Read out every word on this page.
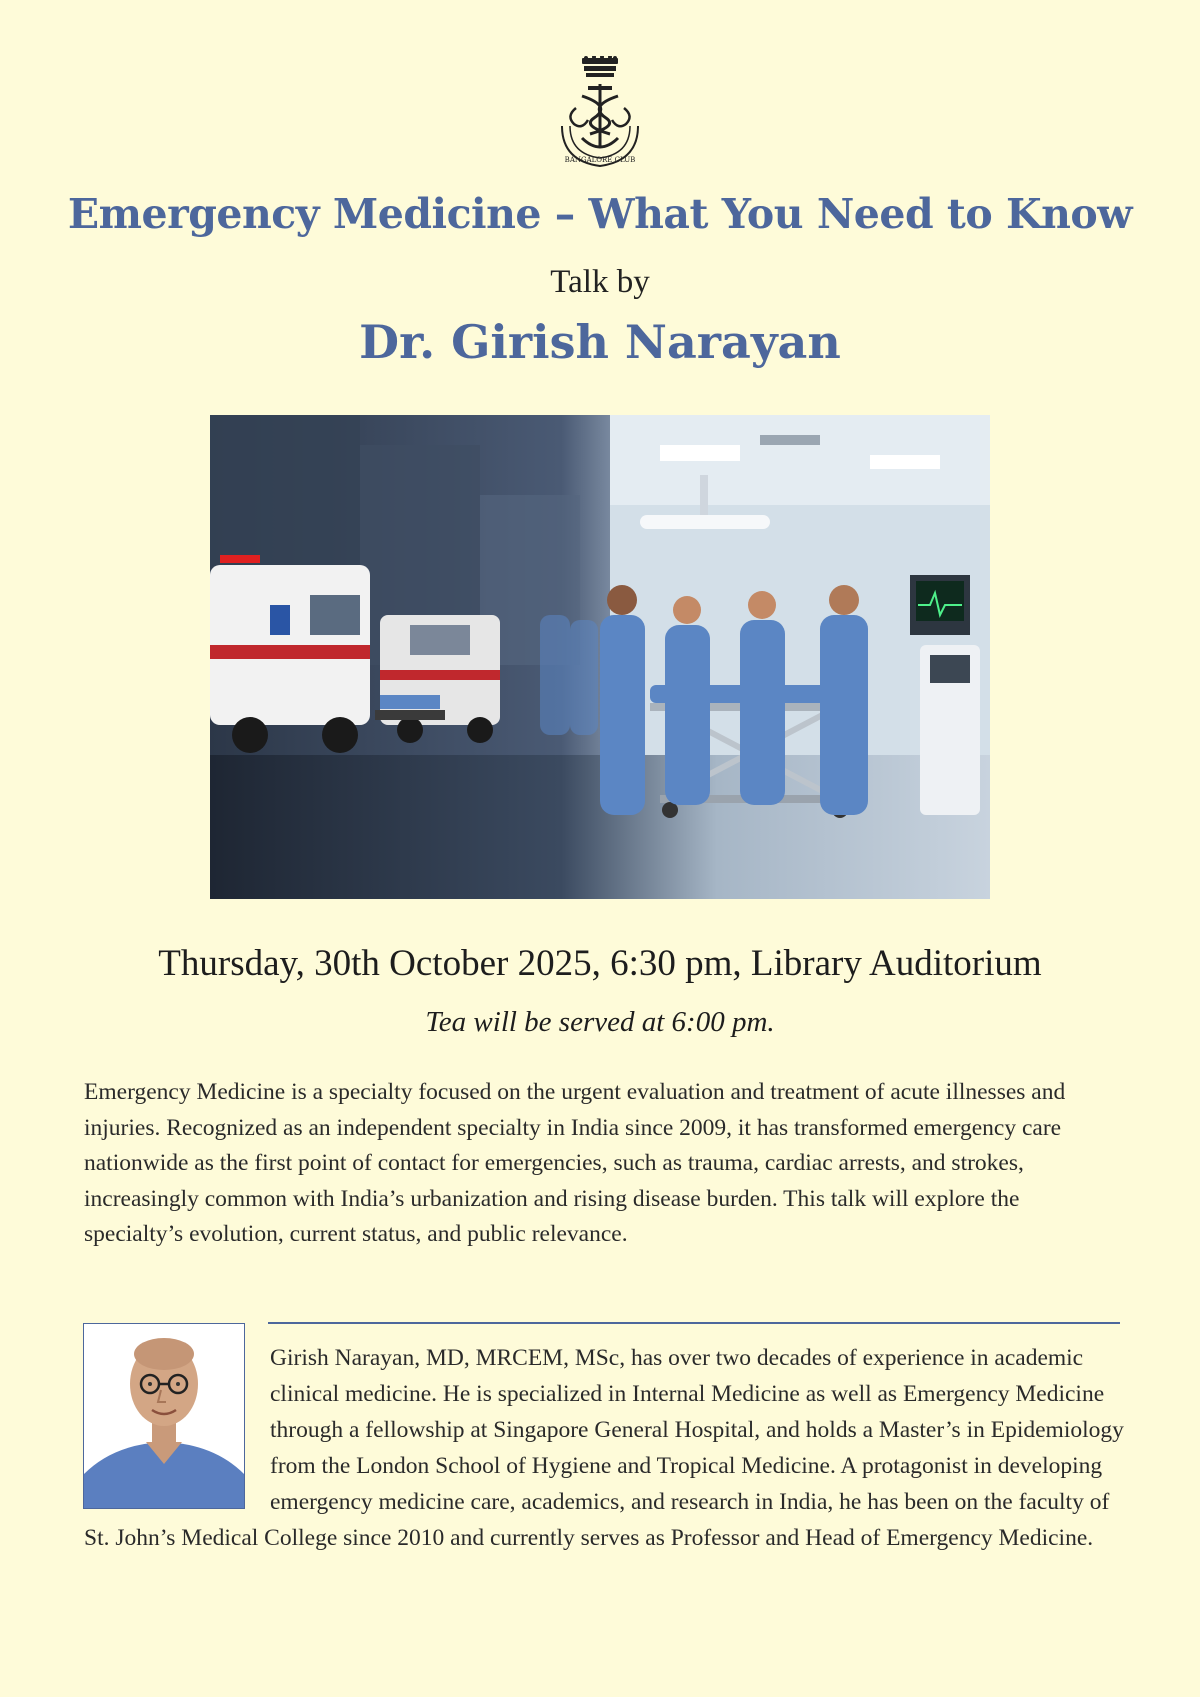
BANGALORE CLUB
Emergency Medicine – What You Need to Know
Talk by
Dr. Girish Narayan
Thursday, 30th October 2025, 6:30 pm, Library Auditorium
Tea will be served at 6:00 pm.
Emergency Medicine is a specialty focused on the urgent evaluation and treatment of acute illnesses and injuries. Recognized as an independent specialty in India since 2009, it has transformed emergency care nationwide as the first point of contact for emergencies, such as trauma, cardiac arrests, and strokes, increasingly common with India’s urbanization and rising disease burden. This talk will explore the specialty’s evolution, current status, and public relevance.
Girish Narayan, MD, MRCEM, MSc, has over two decades of experience in academic clinical medicine. He is specialized in Internal Medicine as well as Emergency Medicine through a fellowship at Singapore General Hospital, and holds a Master’s in Epidemiology from the London School of Hygiene and Tropical Medicine. A protagonist in developing emergency medicine care, academics, and research in India, he has been on the faculty of St. John’s Medical College since 2010 and currently serves as Professor and Head of Emergency Medicine.
